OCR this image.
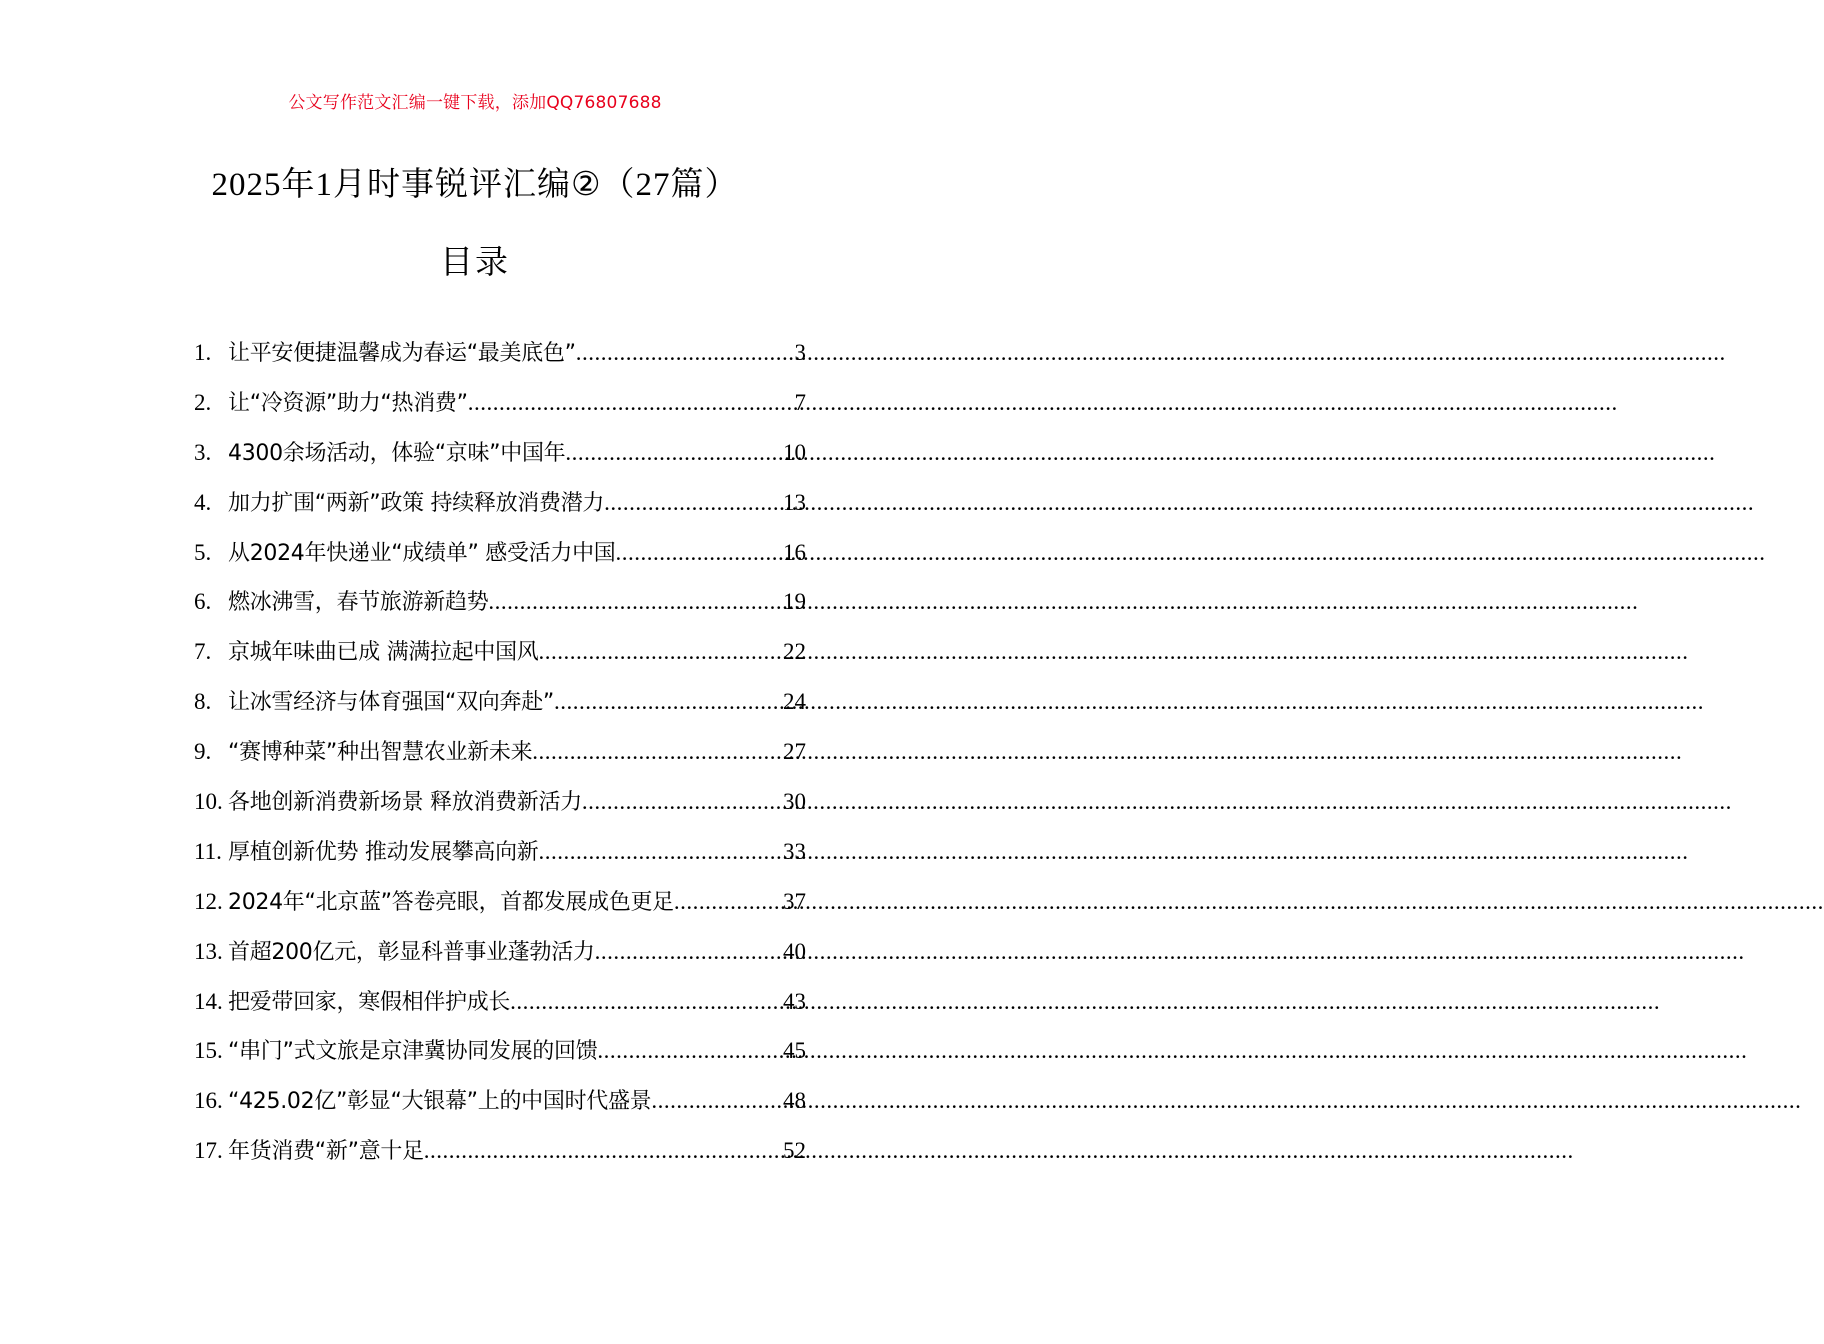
公文写作范文汇编一键下载，添加QQ76807688
2025年1月时事锐评汇编②（27篇）
目录
1. 让平安便捷温馨成为春运“最美底色” .....	3
2. 让“冷资源”助力“热消费” .....	7
3. 4300余场活动，体验“京味”中国年 .....	10
4. 加力扩围“两新”政策 持续释放消费潜力 .....	13
5. 从2024年快递业“成绩单” 感受活力中国 .....	16
6. 燃冰沸雪，春节旅游新趋势 .....	19
7. 京城年味曲已成 满满拉起中国风 .....	22
8. 让冰雪经济与体育强国“双向奔赴” .....	24
9. “赛博种菜”种出智慧农业新未来 .....	27
10. 各地创新消费新场景 释放消费新活力 .....	30
11. 厚植创新优势 推动发展攀高向新 .....	33
12. 2024年“北京蓝”答卷亮眼，首都发展成色更足 .....	37
13. 首超200亿元，彰显科普事业蓬勃活力 .....	40
14. 把爱带回家，寒假相伴护成长 .....	43
15. “串门”式文旅是京津冀协同发展的回馈 .....	45
16. “425.02亿”彰显“大银幕”上的中国时代盛景 .....	48
17. 年货消费“新”意十足 .....	52
